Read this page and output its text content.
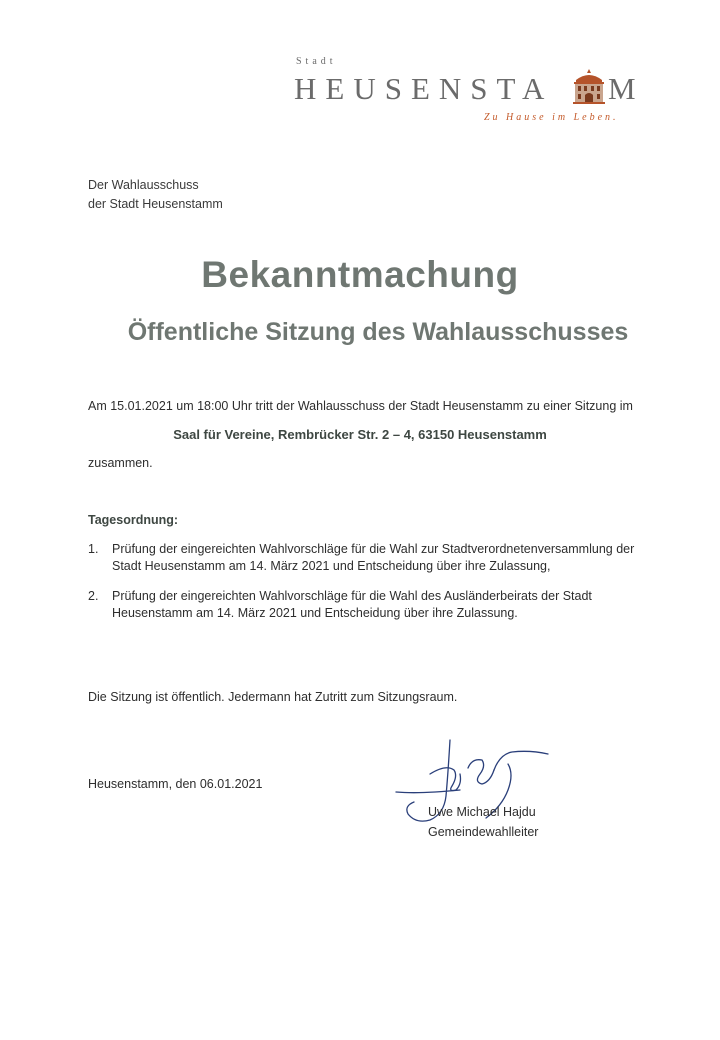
Stadt
HEUSENSTA M
Zu Hause im Leben.
Der Wahlausschuss
der Stadt Heusenstamm
Bekanntmachung
Öffentliche Sitzung des Wahlausschusses
Am 15.01.2021 um 18:00 Uhr tritt der Wahlausschuss der Stadt Heusenstamm zu einer Sitzung im
Saal für Vereine, Rembrücker Str. 2 – 4, 63150 Heusenstamm
zusammen.
Tagesordnung:
1. Prüfung der eingereichten Wahlvorschläge für die Wahl zur Stadtverordnetenversammlung der
Stadt Heusenstamm am 14. März 2021 und Entscheidung über ihre Zulassung,
2. Prüfung der eingereichten Wahlvorschläge für die Wahl des Ausländerbeirats der Stadt
Heusenstamm am 14. März 2021 und Entscheidung über ihre Zulassung.
Die Sitzung ist öffentlich. Jedermann hat Zutritt zum Sitzungsraum.
Heusenstamm, den 06.01.2021
Uwe Michael Hajdu
Gemeindewahlleiter
